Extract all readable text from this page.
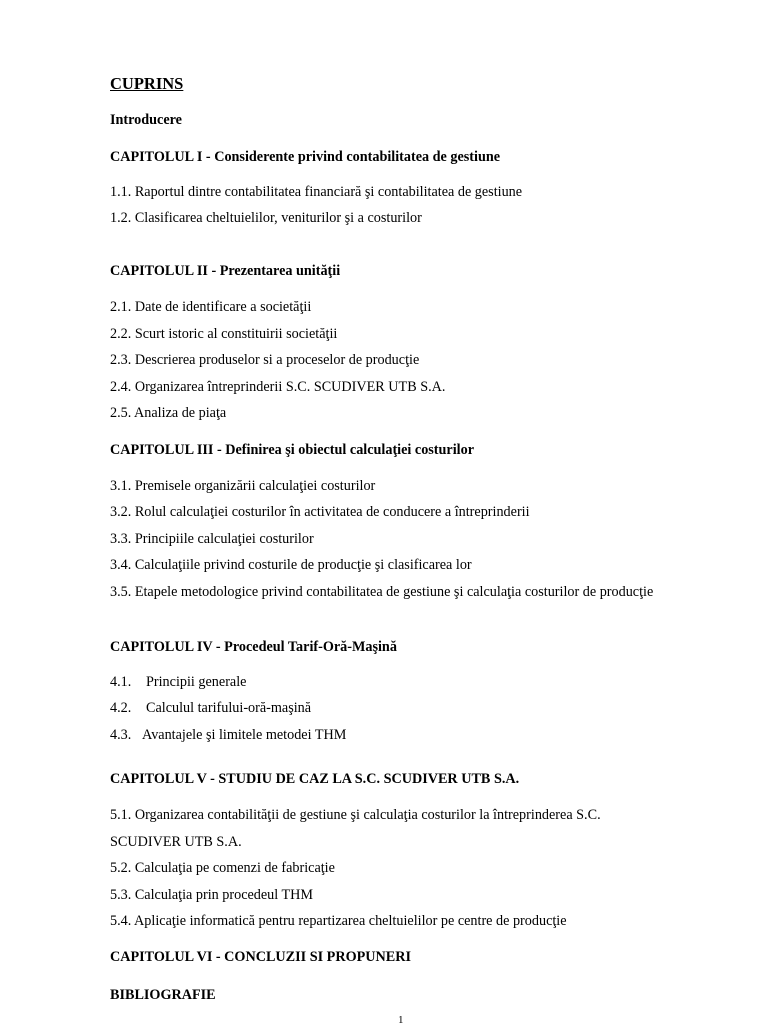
CUPRINS
Introducere
CAPITOLUL I - Considerente privind contabilitatea de gestiune
1.1. Raportul dintre contabilitatea financiară şi contabilitatea de gestiune
1.2. Clasificarea cheltuielilor, veniturilor şi a costurilor
CAPITOLUL II - Prezentarea unităţii
2.1. Date de identificare a societăţii
2.2. Scurt istoric al constituirii societăţii
2.3. Descrierea produselor si a proceselor de producţie
2.4. Organizarea întreprinderii S.C. SCUDIVER UTB S.A.
2.5. Analiza de piaţa
CAPITOLUL III - Definirea şi obiectul calculaţiei costurilor
3.1. Premisele organizării calculaţiei costurilor
3.2. Rolul calculaţiei costurilor în activitatea de conducere a întreprinderii
3.3. Principiile calculaţiei costurilor
3.4. Calculaţiile privind costurile de producţie şi clasificarea lor
3.5. Etapele metodologice privind contabilitatea de gestiune şi calculaţia costurilor de producţie
CAPITOLUL IV - Procedeul Tarif-Oră-Maşină
4.1. Principii generale
4.2. Calculul tarifului-oră-maşină
4.3. Avantajele şi limitele metodei THM
CAPITOLUL V - STUDIU DE CAZ LA S.C. SCUDIVER UTB S.A.
5.1. Organizarea contabilităţii de gestiune şi calculaţia costurilor la întreprinderea S.C.
SCUDIVER UTB S.A.
5.2. Calculaţia pe comenzi de fabricaţie
5.3. Calculaţia prin procedeul THM
5.4. Aplicaţie informatică pentru repartizarea cheltuielilor pe centre de producţie
CAPITOLUL VI - CONCLUZII SI PROPUNERI
BIBLIOGRAFIE
1
